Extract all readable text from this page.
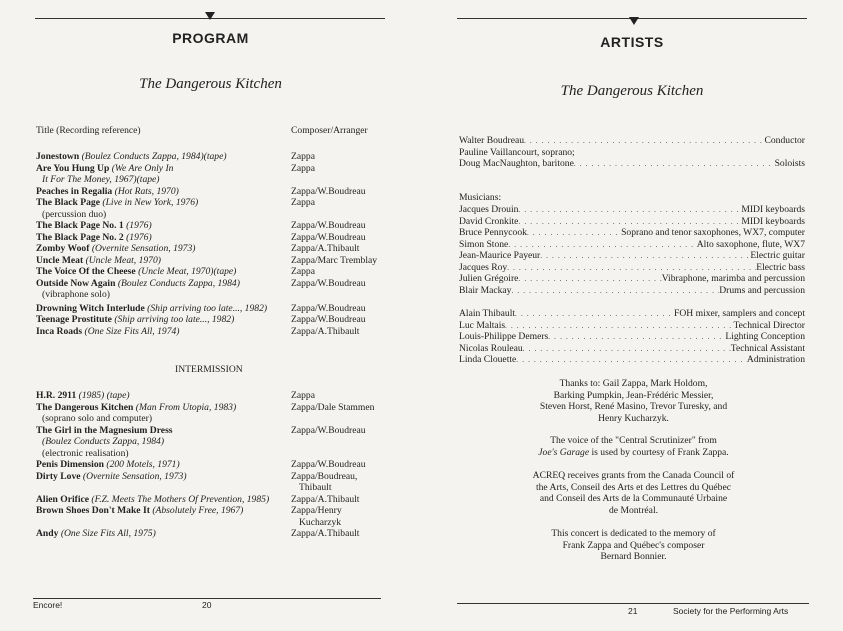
PROGRAM
The Dangerous Kitchen
Title (Recording reference)	Composer/Arranger
Jonestown (Boulez Conducts Zappa, 1984)(tape)	Zappa
Are You Hung Up (We Are Only In	Zappa
It For The Money, 1967)(tape)
Peaches in Regalia (Hot Rats, 1970)	Zappa/W.Boudreau
The Black Page (Live in New York, 1976)	Zappa
(percussion duo)
The Black Page No. 1 (1976)	Zappa/W.Boudreau
The Black Page No. 2 (1976)	Zappa/W.Boudreau
Zomby Woof (Overnite Sensation, 1973)	Zappa/A.Thibault
Uncle Meat (Uncle Meat, 1970)	Zappa/Marc Tremblay
The Voice Of the Cheese (Uncle Meat, 1970)(tape)	Zappa
Outside Now Again (Boulez Conducts Zappa, 1984)	Zappa/W.Boudreau
(vibraphone solo)
Drowning Witch Interlude (Ship arriving too late..., 1982) Zappa/W.Boudreau
Teenage Prostitute (Ship arriving too late..., 1982)	Zappa/W.Boudreau
Inca Roads (One Size Fits All, 1974)	Zappa/A.Thibault
INTERMISSION
H.R. 2911 (1985) (tape)	Zappa
The Dangerous Kitchen (Man From Utopia, 1983)	Zappa/Dale Stammen
(soprano solo and computer)
The Girl in the Magnesium Dress	Zappa/W.Boudreau
(Boulez Conducts Zappa, 1984)
(electronic realisation)
Penis Dimension (200 Motels, 1971)	Zappa/W.Boudreau
Dirty Love (Overnite Sensation, 1973)	Zappa/Boudreau,
Thibault
Alien Orifice (F.Z. Meets The Mothers Of Prevention, 1985) Zappa/A.Thibault
Brown Shoes Don't Make It (Absolutely Free, 1967)	Zappa/Henry
Kucharzyk
Andy (One Size Fits All, 1975)	Zappa/A.Thibault
Encore!	20
ARTISTS
The Dangerous Kitchen
Walter Boudreau . . .	Conductor
Pauline Vaillancourt, soprano;
Doug MacNaughton, baritone . . .	Soloists
Musicians:
Jacques Drouin . . .	MIDI keyboards
David Cronkite . . .	MIDI keyboards
Bruce Pennycook . . .	Soprano and tenor saxophones, WX7, computer
Simon Stone . . .	Alto saxophone, flute, WX7
Jean-Maurice Payeur . . .	Electric guitar
Jacques Roy . . .	Electric bass
Julien Grégoire . . .	Vibraphone, marimba and percussion
Blair Mackay . . .	Drums and percussion
Alain Thibault . . .	FOH mixer, samplers and concept
Luc Maltais . . .	Technical Director
Louis-Philippe Demers . . .	Lighting Conception
Nicolas Rouleau . . .	Technical Assistant
Linda Clouette . . .	Administration
Thanks to: Gail Zappa, Mark Holdom,
Barking Pumpkin, Jean-Frédéric Messier,
Steven Horst, René Masino, Trevor Turesky, and
Henry Kucharzyk.
The voice of the "Central Scrutinizer" from
Joe's Garage is used by courtesy of Frank Zappa.
ACREQ receives grants from the Canada Council of
the Arts, Conseil des Arts et des Lettres du Québec
and Conseil des Arts de la Communauté Urbaine
de Montréal.
This concert is dedicated to the memory of
Frank Zappa and Québec's composer
Bernard Bonnier.
21	Society for the Performing Arts
